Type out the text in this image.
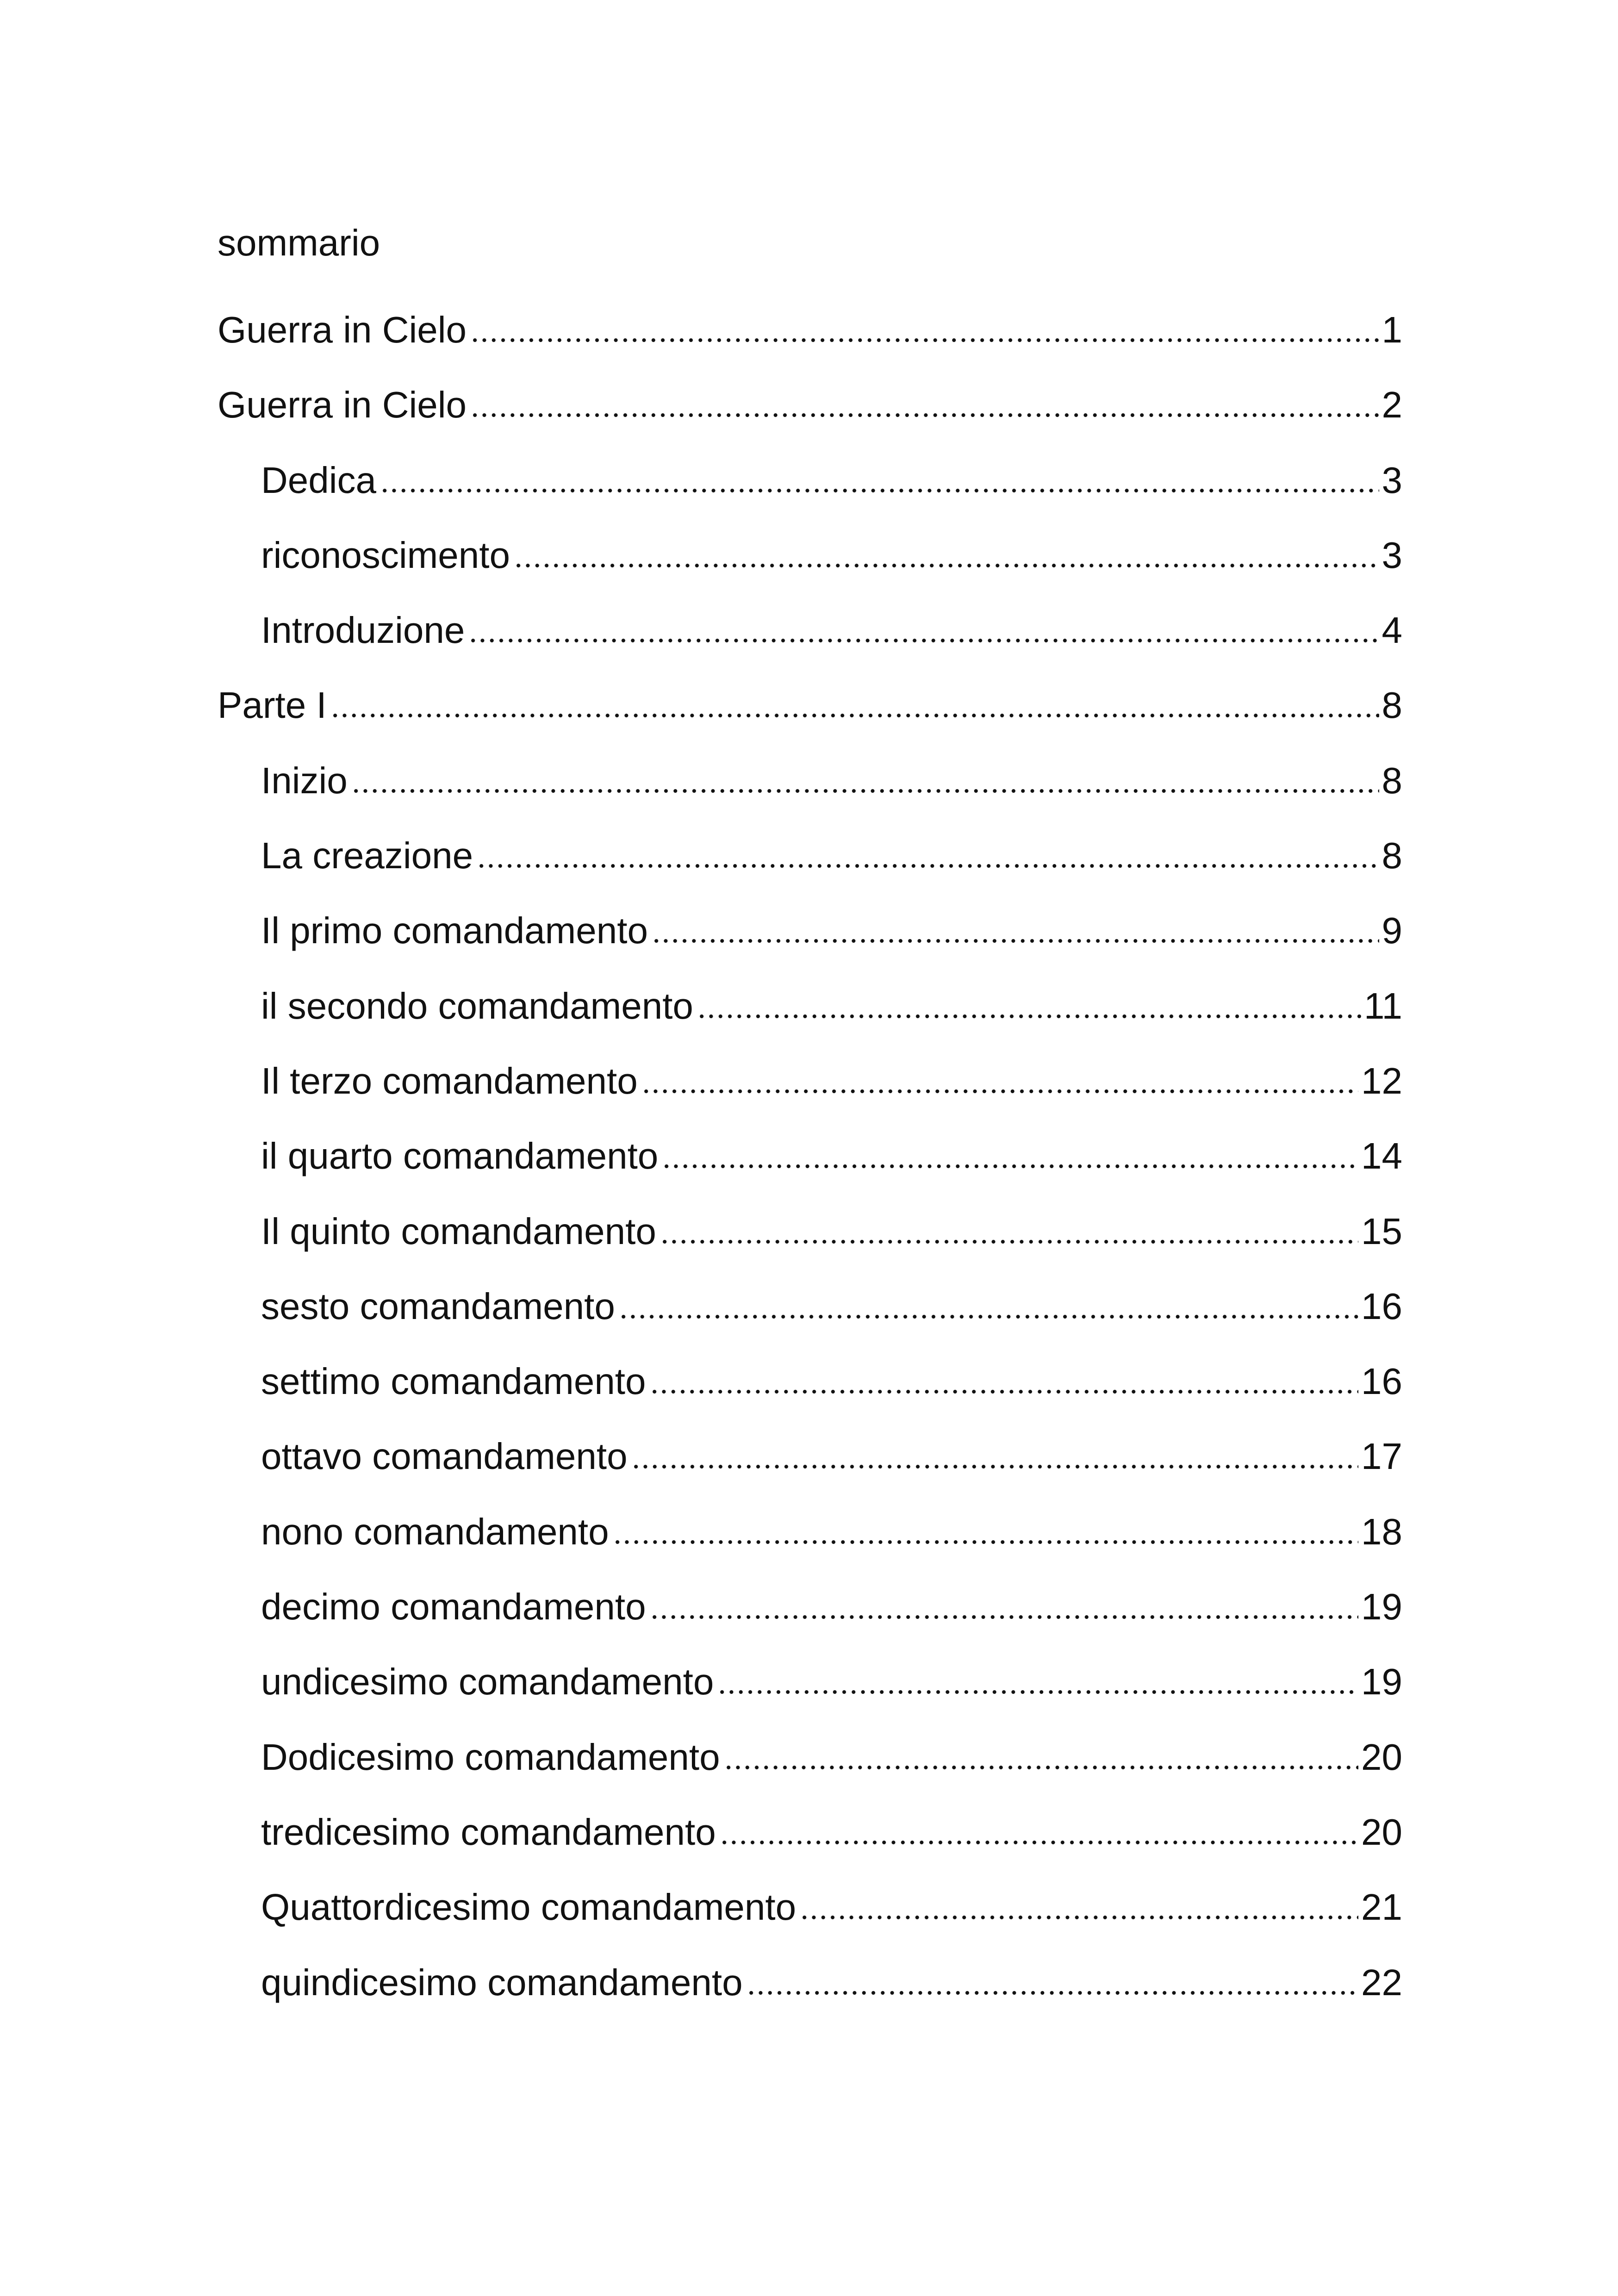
sommario
Guerra in Cielo	1
Guerra in Cielo	2
Dedica	3
riconoscimento	3
Introduzione	4
Parte I	8
Inizio	8
La creazione	8
Il primo comandamento	9
il secondo comandamento	11
Il terzo comandamento	12
il quarto comandamento	14
Il quinto comandamento	15
sesto comandamento	16
settimo comandamento	16
ottavo comandamento	17
nono comandamento	18
decimo comandamento	19
undicesimo comandamento	19
Dodicesimo comandamento	20
tredicesimo comandamento	20
Quattordicesimo comandamento	21
quindicesimo comandamento	22
